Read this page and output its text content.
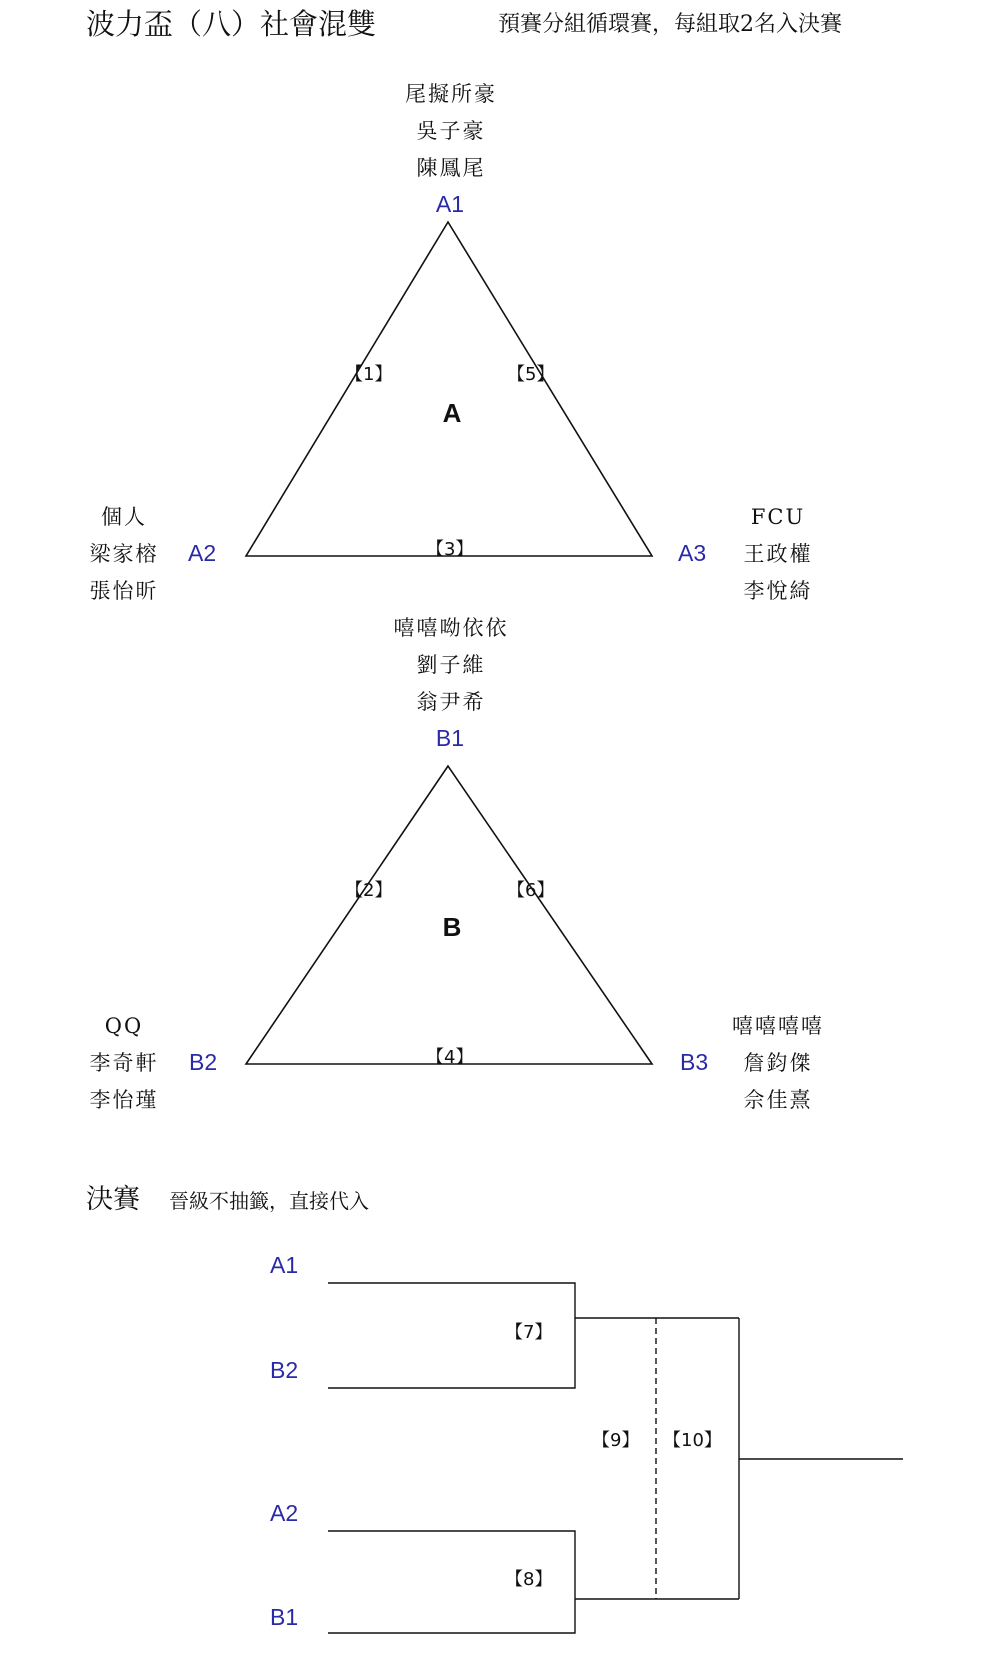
波力盃（八）社會混雙	預賽分組循環賽，每組取2名入決賽
尾擬所豪
吳子豪
陳鳳尾
A1
【1】	【5】
A
【3】
個人
梁家榕
張怡昕
A2	A3
FCU
王政權
李悅綺
嘻嘻呦依依
劉子維
翁尹希
B1
【2】	【6】
B
【4】
QQ
李奇軒
李怡瑾
B2	B3
嘻嘻嘻嘻
詹鈞傑
佘佳熹
決賽 晉級不抽籤，直接代入
A1
B2
A2
B1
【7】
【8】
【9】 【10】
